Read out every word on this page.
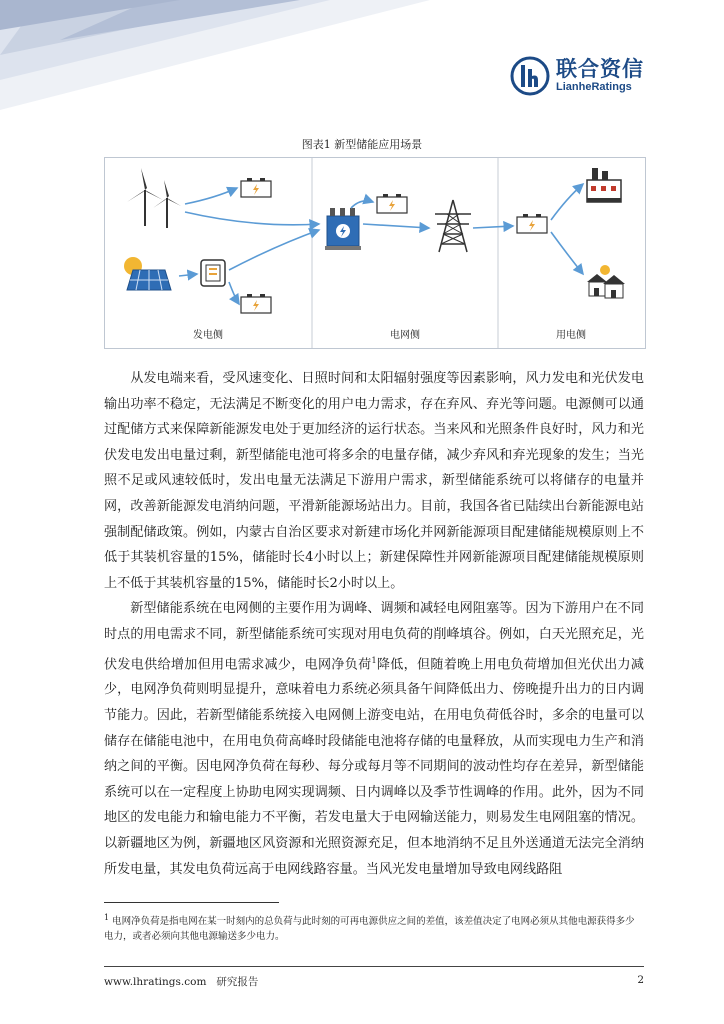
联合资信
LianheRatings
图表1 新型储能应用场景
发电侧	电网侧	用电侧

从发电端来看，受风速变化、日照时间和太阳辐射强度等因素影响，风力发电和光伏发电输出功率不稳定，无法满足不断变化的用户电力需求，存在弃风、弃光等问题。电源侧可以通过配储方式来保障新能源发电处于更加经济的运行状态。当来风和光照条件良好时，风力和光伏发电发出电量过剩，新型储能电池可将多余的电量存储，减少弃风和弃光现象的发生；当光照不足或风速较低时，发出电量无法满足下游用户需求，新型储能系统可以将储存的电量并网，改善新能源发电消纳问题，平滑新能源场站出力。目前，我国各省已陆续出台新能源电站强制配储政策。例如，内蒙古自治区要求对新建市场化并网新能源项目配建储能规模原则上不低于其装机容量的15%，储能时长4小时以上；新建保障性并网新能源项目配建储能规模原则上不低于其装机容量的15%，储能时长2小时以上。

新型储能系统在电网侧的主要作用为调峰、调频和减轻电网阻塞等。因为下游用户在不同时点的用电需求不同，新型储能系统可实现对用电负荷的削峰填谷。例如，白天光照充足，光伏发电供给增加但用电需求减少，电网净负荷$^1$降低，但随着晚上用电负荷增加但光伏出力减少，电网净负荷则明显提升，意味着电力系统必须具备午间降低出力、傍晚提升出力的日内调节能力。因此，若新型储能系统接入电网侧上游变电站，在用电负荷低谷时，多余的电量可以储存在储能电池中，在用电负荷高峰时段储能电池将存储的电量释放，从而实现电力生产和消纳之间的平衡。因电网净负荷在每秒、每分或每月等不同期间的波动性均存在差异，新型储能系统可以在一定程度上协助电网实现调频、日内调峰以及季节性调峰的作用。此外，因为不同地区的发电能力和输电能力不平衡，若发电量大于电网输送能力，则易发生电网阻塞的情况。以新疆地区为例，新疆地区风资源和光照资源充足，但本地消纳不足且外送通道无法完全消纳所发电量，其发电负荷远高于电网线路容量。当风光发电量增加导致电网线路阻

$^1$ 电网净负荷是指电网在某一时刻内的总负荷与此时刻的可再电源供应之间的差值，该差值决定了电网必须从其他电源获得多少电力，或者必须向其他电源输送多少电力。
www.lhratings.com 研究报告	2
